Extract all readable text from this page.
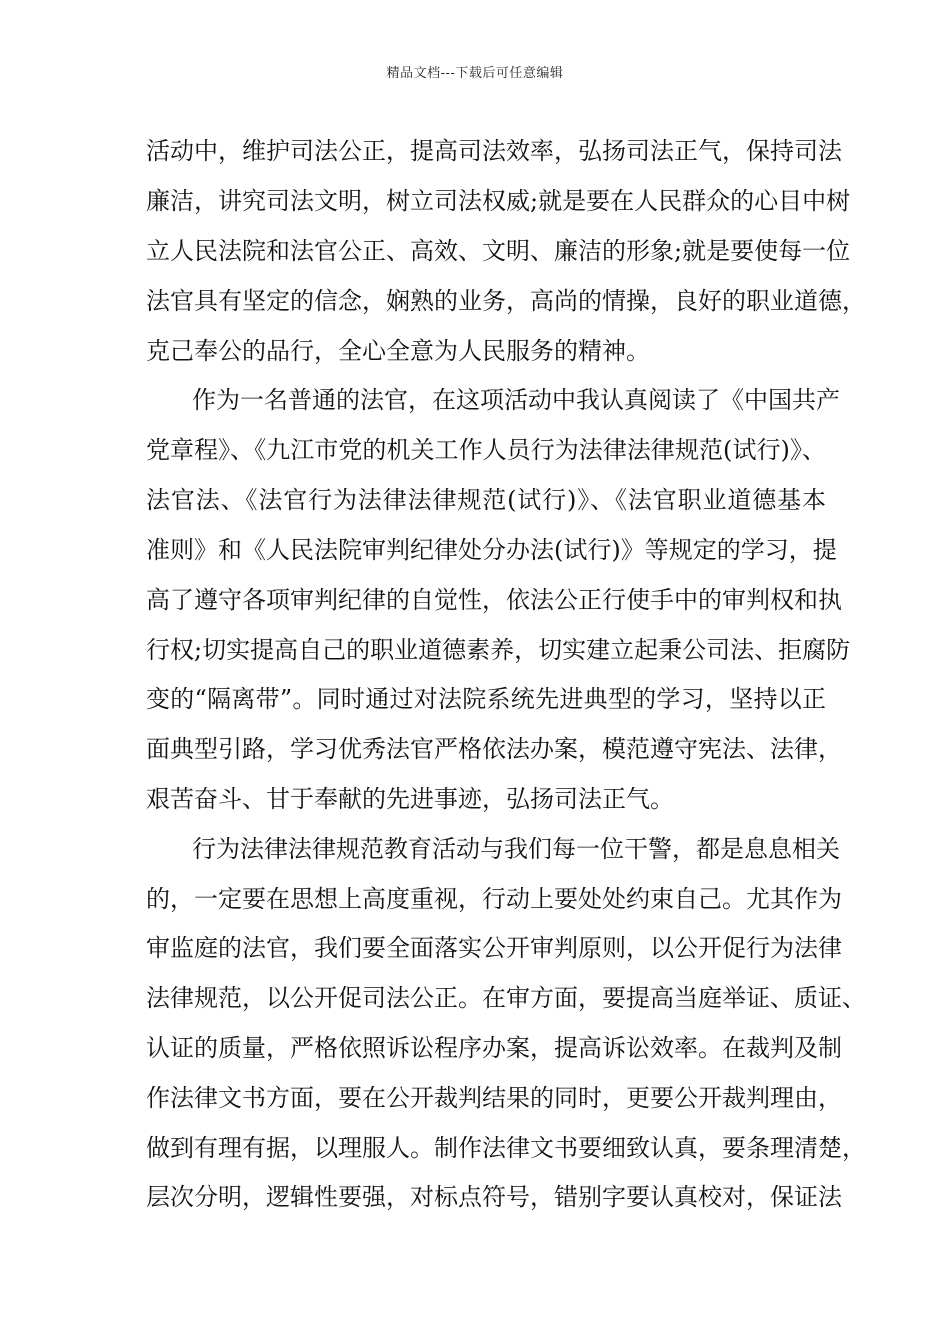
精品文档---下载后可任意编辑
活动中，维护司法公正，提高司法效率，弘扬司法正气，保持司法
廉洁，讲究司法文明，树立司法权威;就是要在人民群众的心目中树
立人民法院和法官公正、高效、文明、廉洁的形象;就是要使每一位
法官具有坚定的信念，娴熟的业务，高尚的情操，良好的职业道德，
克己奉公的品行，全心全意为人民服务的精神。
作为一名普通的法官，在这项活动中我认真阅读了《中国共产
党章程》、《九江市党的机关工作人员行为法律法律规范(试行)》、
法官法、《法官行为法律法律规范(试行)》、《法官职业道德基本
准则》和《人民法院审判纪律处分办法(试行)》等规定的学习，提
高了遵守各项审判纪律的自觉性，依法公正行使手中的审判权和执
行权;切实提高自己的职业道德素养，切实建立起秉公司法、拒腐防
变的“隔离带”。同时通过对法院系统先进典型的学习，坚持以正
面典型引路，学习优秀法官严格依法办案，模范遵守宪法、法律，
艰苦奋斗、甘于奉献的先进事迹，弘扬司法正气。
行为法律法律规范教育活动与我们每一位干警，都是息息相关
的，一定要在思想上高度重视，行动上要处处约束自己。尤其作为
审监庭的法官，我们要全面落实公开审判原则，以公开促行为法律
法律规范，以公开促司法公正。在审方面，要提高当庭举证、质证、
认证的质量，严格依照诉讼程序办案，提高诉讼效率。在裁判及制
作法律文书方面，要在公开裁判结果的同时，更要公开裁判理由，
做到有理有据，以理服人。制作法律文书要细致认真，要条理清楚，
层次分明，逻辑性要强，对标点符号，错别字要认真校对，保证法
